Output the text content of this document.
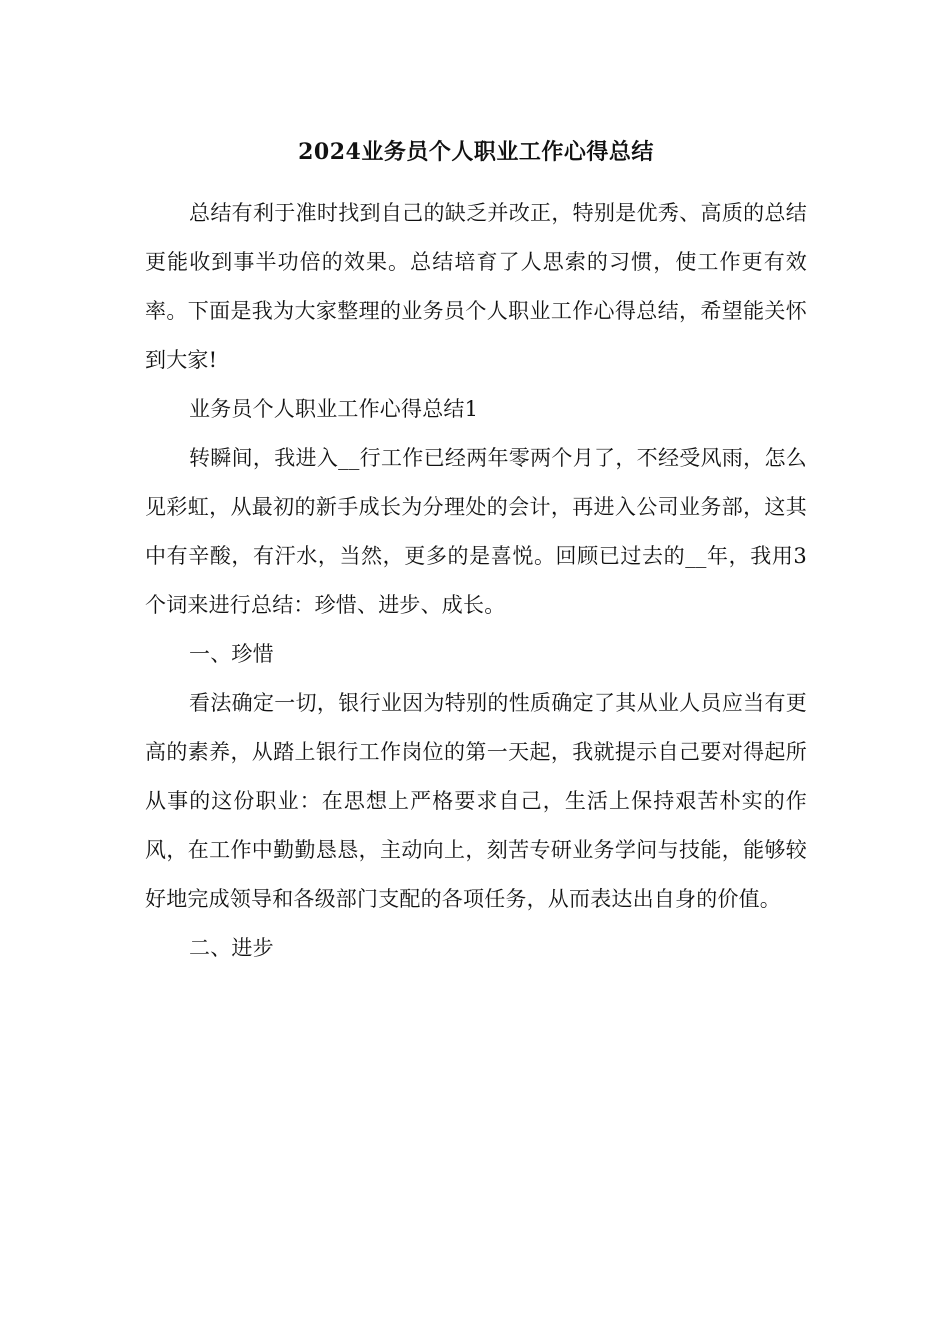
2024业务员个人职业工作心得总结

总结有利于准时找到自己的缺乏并改正，特别是优秀、高质的总结更能收到事半功倍的效果。总结培育了人思索的习惯，使工作更有效率。下面是我为大家整理的业务员个人职业工作心得总结，希望能关怀到大家!

业务员个人职业工作心得总结1

转瞬间，我进入__行工作已经两年零两个月了，不经受风雨，怎么见彩虹，从最初的新手成长为分理处的会计，再进入公司业务部，这其中有辛酸，有汗水，当然，更多的是喜悦。回顾已过去的__年，我用3个词来进行总结：珍惜、进步、成长。

一、珍惜

看法确定一切，银行业因为特别的性质确定了其从业人员应当有更高的素养，从踏上银行工作岗位的第一天起，我就提示自己要对得起所从事的这份职业：在思想上严格要求自己，生活上保持艰苦朴实的作风，在工作中勤勤恳恳，主动向上，刻苦专研业务学问与技能，能够较好地完成领导和各级部门支配的各项任务，从而表达出自身的价值。

二、进步
